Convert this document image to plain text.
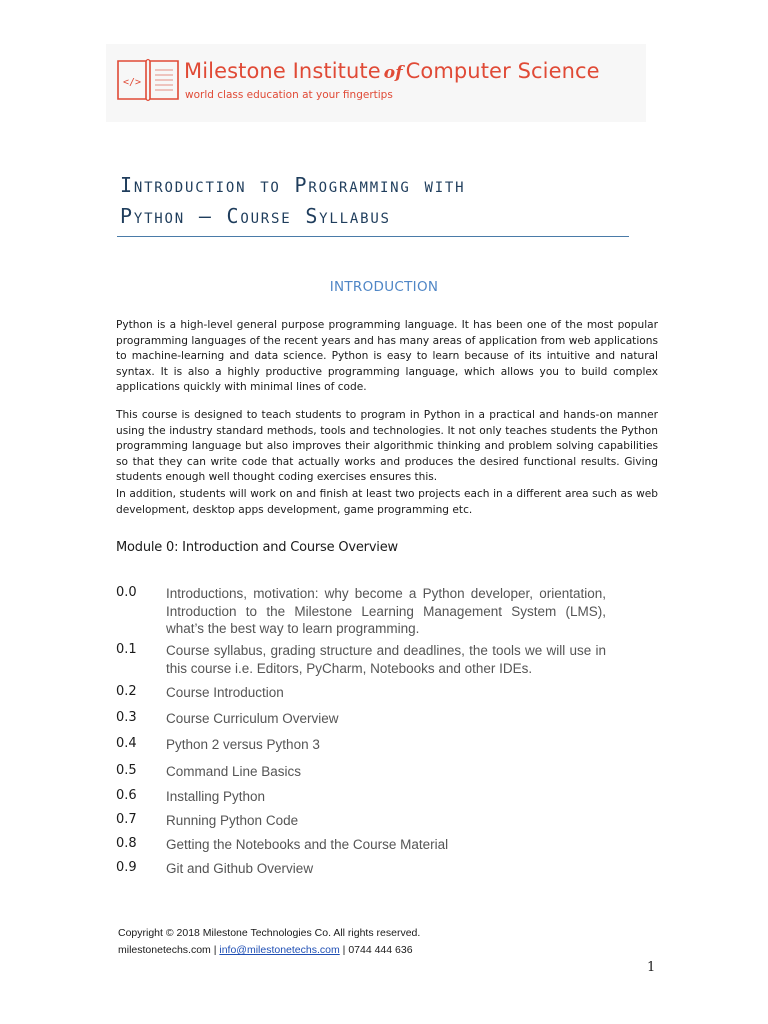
</> Milestone Institute of Computer Science
world class education at your fingertips
Introduction to Programming with
Python – Course Syllabus
INTRODUCTION

Python is a high-level general purpose programming language. It has been one of the most popular programming languages of the recent years and has many areas of application from web applications to machine-learning and data science. Python is easy to learn because of its intuitive and natural syntax. It is also a highly productive programming language, which allows you to build complex applications quickly with minimal lines of code.

This course is designed to teach students to program in Python in a practical and hands-on manner using the industry standard methods, tools and technologies. It not only teaches students the Python programming language but also improves their algorithmic thinking and problem solving capabilities so that they can write code that actually works and produces the desired functional results. Giving students enough well thought coding exercises ensures this.

In addition, students will work on and finish at least two projects each in a different area such as web development, desktop apps development, game programming etc.

Module 0: Introduction and Course Overview
0.0 Introductions, motivation: why become a Python developer, orientation, Introduction to the Milestone Learning Management System (LMS), what’s the best way to learn programming.
0.1 Course syllabus, grading structure and deadlines, the tools we will use in this course i.e. Editors, PyCharm, Notebooks and other IDEs.
0.2 Course Introduction
0.3 Course Curriculum Overview
0.4 Python 2 versus Python 3
0.5 Command Line Basics
0.6 Installing Python
0.7 Running Python Code
0.8 Getting the Notebooks and the Course Material
0.9 Git and Github Overview
Copyright © 2018 Milestone Technologies Co. All rights reserved.
milestonetechs.com | info@milestonetechs.com | 0744 444 636
1
